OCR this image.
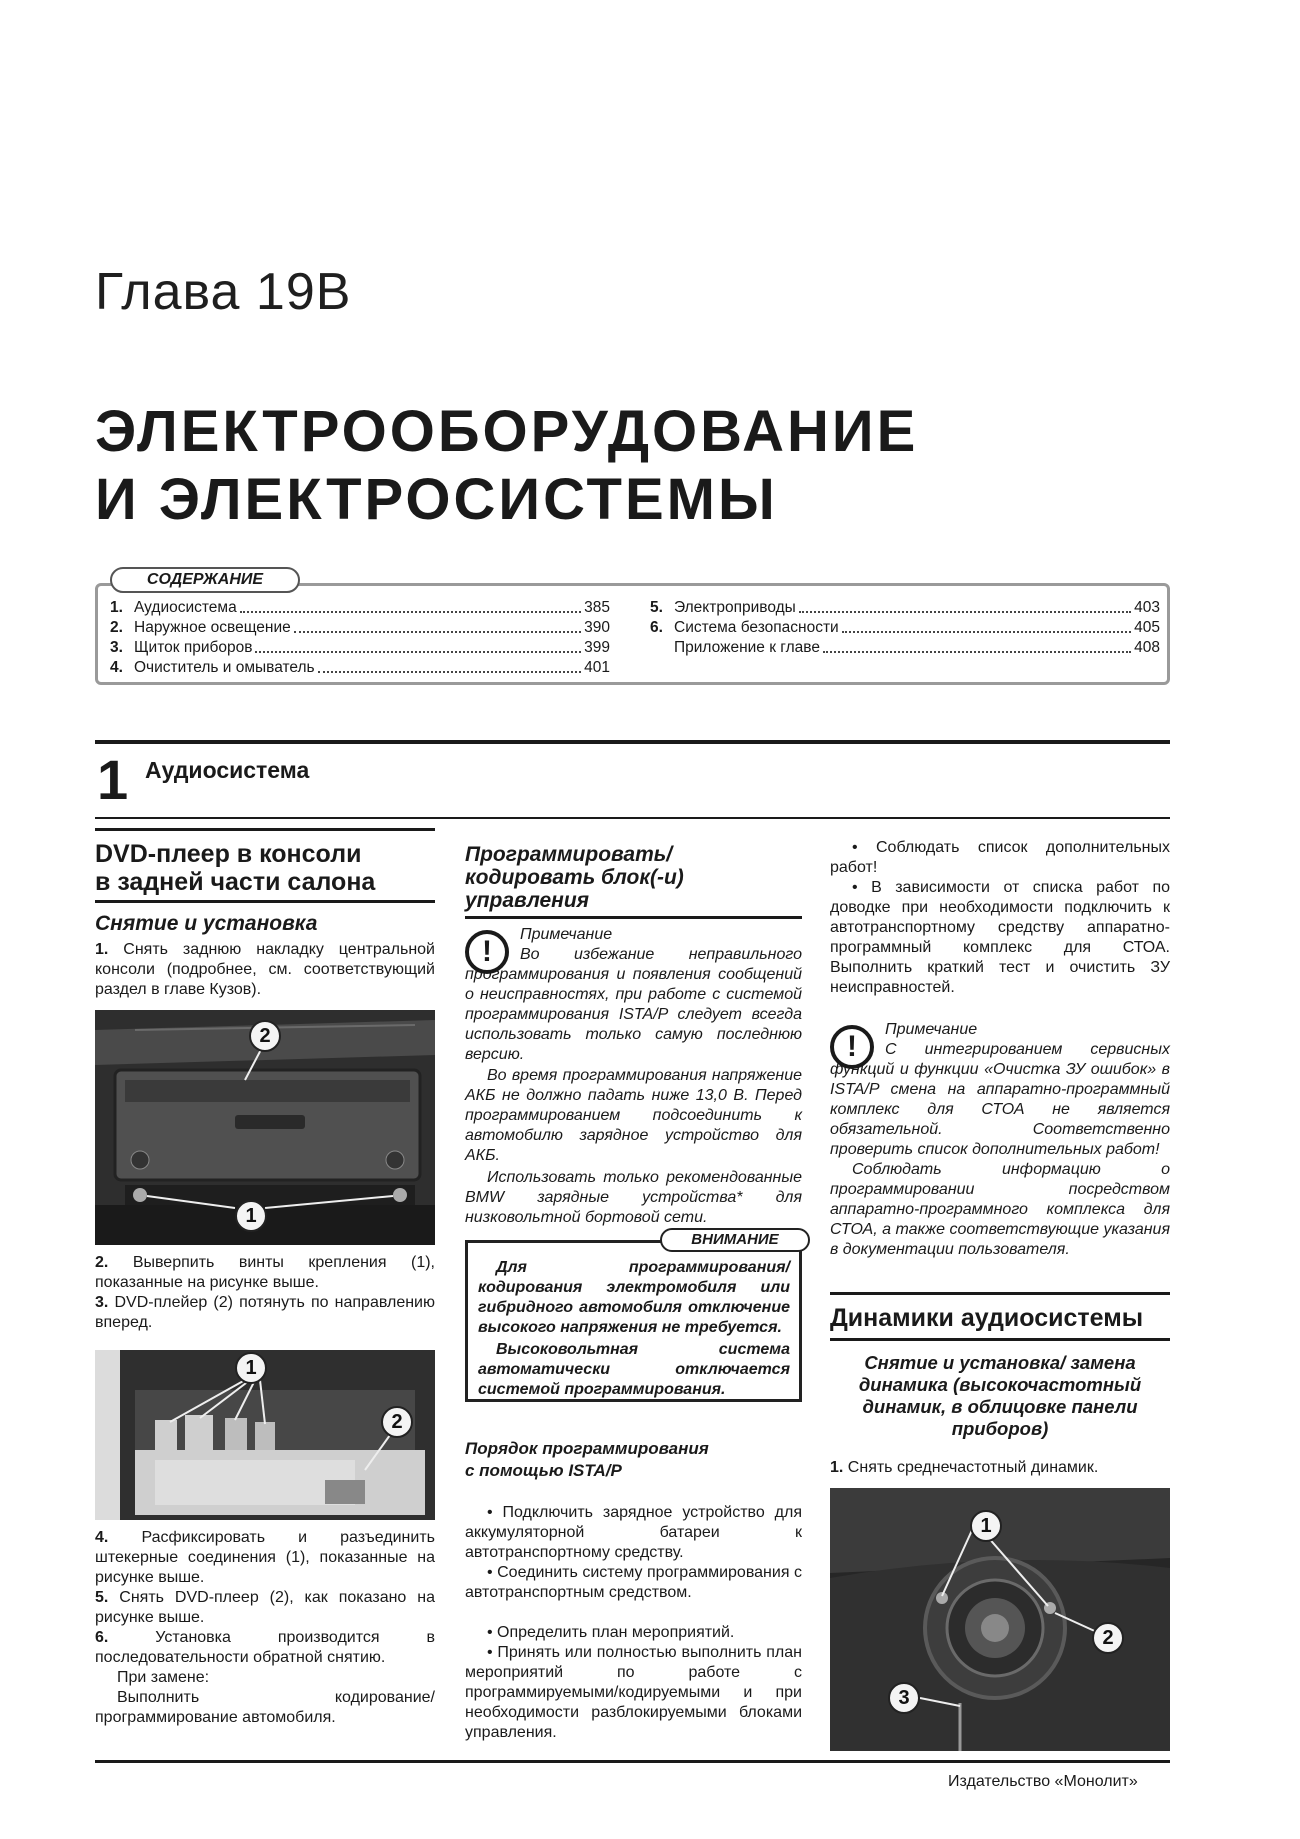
Глава 19B
ЭЛЕКТРООБОРУДОВАНИЕ
И ЭЛЕКТРОСИСТЕМЫ
СОДЕРЖАНИЕ
1. Аудиосистема	385
2. Наружное освещение	390
3. Щиток приборов	399
4. Очиститель и омыватель	401
5. Электроприводы	403
6. Система безопасности	405
Приложение к главе	408
1 Аудиосистема
DVD-плеер в консоли
в задней части салона
Снятие и установка
1. Снять заднюю накладку центральной консоли (подробнее, см. соответствующий раздел в главе Кузов).
2
1
2. Выверпить винты крепления (1), показанные на рисунке выше.
3. DVD-плейер (2) потянуть по направлению вперед.
1
2
4. Расфиксировать и разъединить штекерные соединения (1), показанные на рисунке выше.
5. Снять DVD-плеер (2), как показано на рисунке выше.
6.	Установка производится в последовательности обратной снятию.
При замене:
Выполнить кодирование/программирование автомобиля.
Программировать/
кодировать блок(-и)
управления
!
Примечание
Во избежание неправильного программирования и появления сообщений о неисправностях, при работе с системой программирования ISTA/P следует всегда использовать только самую последнюю версию.
Во время программирования напряжение АКБ не должно падать ниже 13,0 В. Перед программированием подсоединить к автомобилю зарядное устройство для АКБ.
Использовать только рекомендованные BMW зарядные устройства* для низковольтной бортовой сети.
ВНИМАНИЕ
Для программирования/кодирования электромобиля или гибридного автомобиля отключение высокого напряжения не требуется.
Высоковольтная система автоматически отключается системой программирования.
Порядок программирования
с помощью ISTA/P
• Подключить зарядное устройство для аккумуляторной батареи к автотранспортному средству.
• Соединить систему программирования с автотранспортным средством.
• Определить план мероприятий.
• Принять или полностью выполнить план мероприятий по работе с программируемыми/кодируемыми и при необходимости разблокируемыми блоками управления.
• Соблюдать список дополнительных работ!
• В зависимости от списка работ по доводке при необходимости подключить к автотранспортному средству аппаратно-программный комплекс для СТОА. Выполнить краткий тест и очистить ЗУ неисправностей.
!
Примечание
С интегрированием сервисных функций и функции «Очистка ЗУ ошибок» в ISTA/P смена на аппаратно-программный комплекс для СТОА не является обязательной. Соответственно проверить список дополнительных работ!
Соблюдать информацию о программировании посредством аппаратно-программного комплекса для СТОА, а также соответствующие указания в документации пользователя.
Динамики аудиосистемы
Снятие и установка/ замена
динамика (высокочастотный
динамик, в облицовке панели
приборов)
1. Снять среднечастотный динамик.
1
2
3
Издательство «Монолит»
